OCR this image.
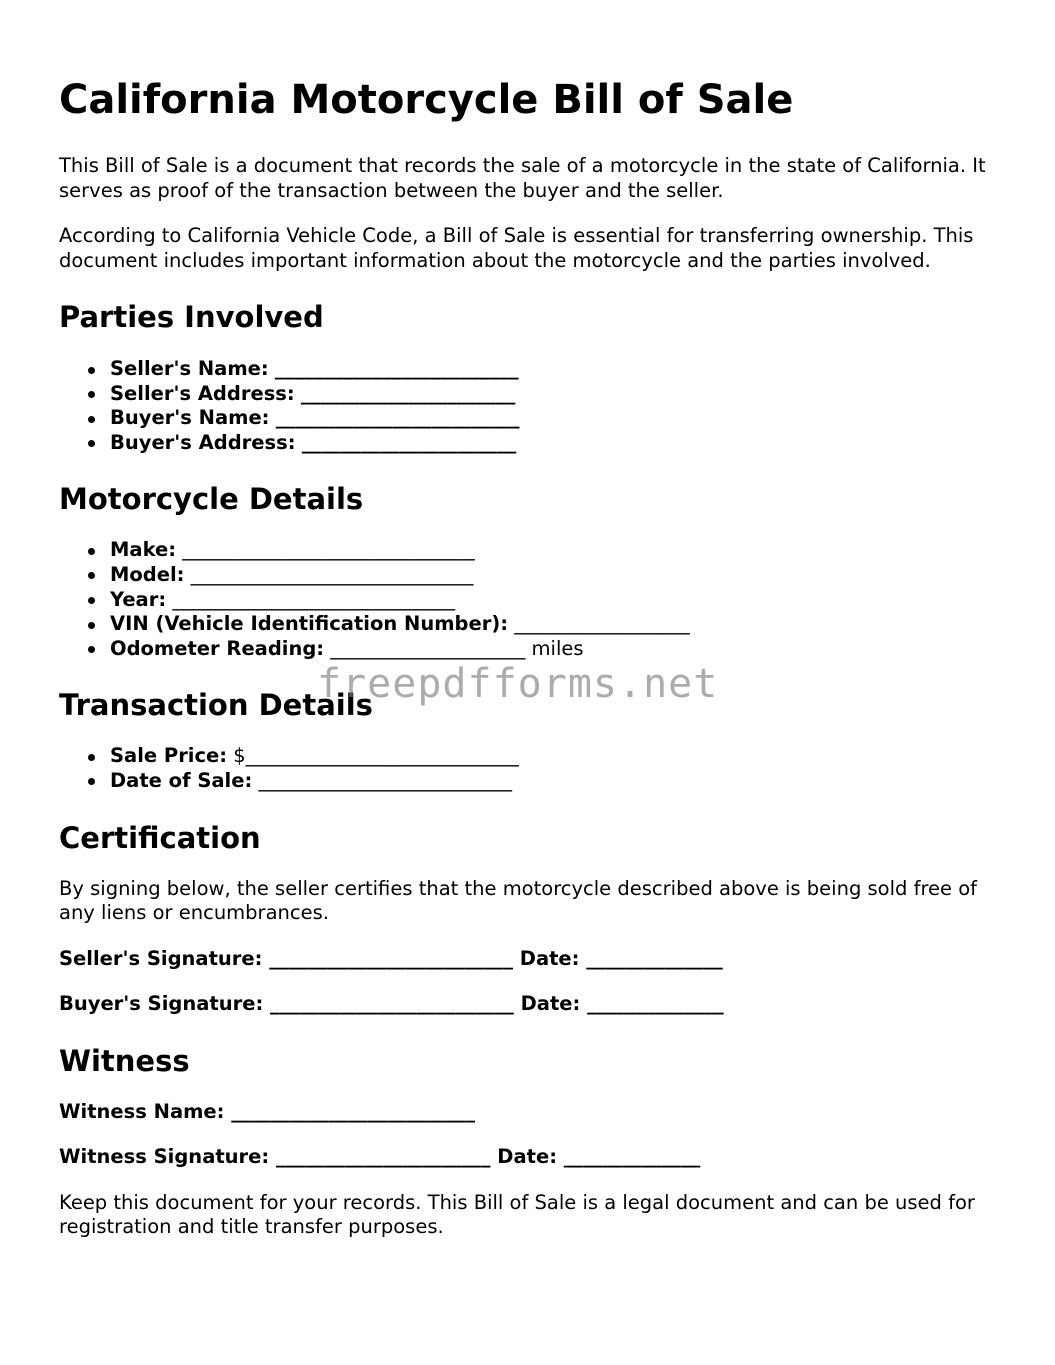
California Motorcycle Bill of Sale

This Bill of Sale is a document that records the sale of a motorcycle in the state of California. It serves as proof of the transaction between the buyer and the seller.

According to California Vehicle Code, a Bill of Sale is essential for transferring ownership. This document includes important information about the motorcycle and the parties involved.

Parties Involved
Seller's Name: _________________________
Seller's Address: ______________________
Buyer's Name: _________________________
Buyer's Address: ______________________
Motorcycle Details
Make: ______________________________
Model: _____________________________
Year: _____________________________
VIN (Vehicle Identification Number): __________________
Odometer Reading: ____________________ miles
Transaction Details
Sale Price: $____________________________
Date of Sale: __________________________
Certification

By signing below, the seller certifies that the motorcycle described above is being sold free of any liens or encumbrances.

Seller's Signature: _________________________ Date: ______________
Buyer's Signature: _________________________ Date: ______________
Witness
Witness Name: _________________________
Witness Signature: ______________________ Date: ______________

Keep this document for your records. This Bill of Sale is a legal document and can be used for registration and title transfer purposes.

freepdfforms.net
